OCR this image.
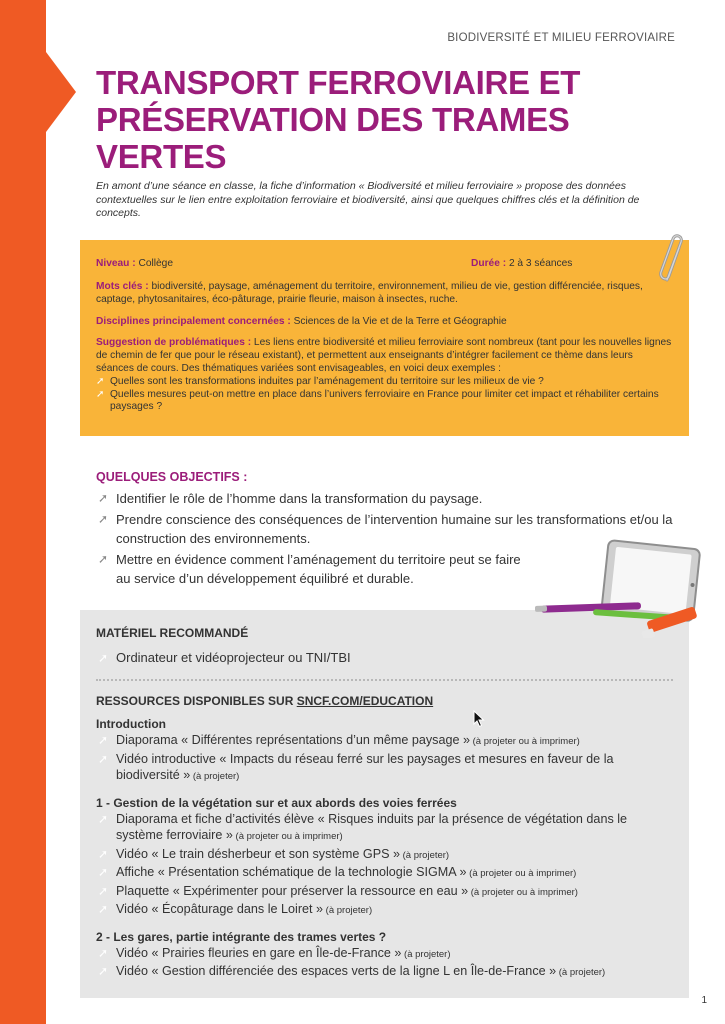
BIODIVERSITÉ ET MILIEU FERROVIAIRE
TRANSPORT FERROVIAIRE ET
PRÉSERVATION DES TRAMES VERTES

En amont d’une séance en classe, la fiche d’information « Biodiversité et milieu ferroviaire » propose des données contextuelles sur le lien entre exploitation ferroviaire et biodiversité, ainsi que quelques chiffres clés et la définition de concepts.

Niveau : Collège	Durée : 2 à 3 séances

Mots clés : biodiversité, paysage, aménagement du territoire, environnement, milieu de vie, gestion différenciée, risques, captage, phytosanitaires, éco-pâturage, prairie fleurie, maison à insectes, ruche.

Disciplines principalement concernées : Sciences de la Vie et de la Terre et Géographie

Suggestion de problématiques : Les liens entre biodiversité et milieu ferroviaire sont nombreux (tant pour les nouvelles lignes de chemin de fer que pour le réseau existant), et permettent aux enseignants d’intégrer facilement ce thème dans leurs séances de cours. Des thématiques variées sont envisageables, en voici deux exemples :

➚ Quelles sont les transformations induites par l’aménagement du territoire sur les milieux de vie ?
➚ Quelles mesures peut-on mettre en place dans l’univers ferroviaire en France pour limiter cet impact et réhabiliter certains paysages ?
QUELQUES OBJECTIFS :
➚ Identifier le rôle de l’homme dans la transformation du paysage.
➚ Prendre conscience des conséquences de l’intervention humaine sur les transformations et/ou la construction des environnements.
➚ Mettre en évidence comment l’aménagement du territoire peut se faire au service d’un développement équilibré et durable.
MATÉRIEL RECOMMANDÉ
➚ Ordinateur et vidéoprojecteur ou TNI/TBI
RESSOURCES DISPONIBLES SUR SNCF.COM/EDUCATION
Introduction
➚ Diaporama « Différentes représentations d’un même paysage » (à projeter ou à imprimer)
➚ Vidéo introductive « Impacts du réseau ferré sur les paysages et mesures en faveur de la biodiversité » (à projeter)
1 - Gestion de la végétation sur et aux abords des voies ferrées
➚ Diaporama et fiche d’activités élève « Risques induits par la présence de végétation dans le système ferroviaire » (à projeter ou à imprimer)
➚ Vidéo « Le train désherbeur et son système GPS » (à projeter)
➚ Affiche « Présentation schématique de la technologie SIGMA » (à projeter ou à imprimer)
➚ Plaquette « Expérimenter pour préserver la ressource en eau » (à projeter ou à imprimer)
➚ Vidéo « Écopâturage dans le Loiret » (à projeter)
2 - Les gares, partie intégrante des trames vertes ?
➚ Vidéo « Prairies fleuries en gare en Île-de-France » (à projeter)
➚ Vidéo « Gestion différenciée des espaces verts de la ligne L en Île-de-France » (à projeter)
1
